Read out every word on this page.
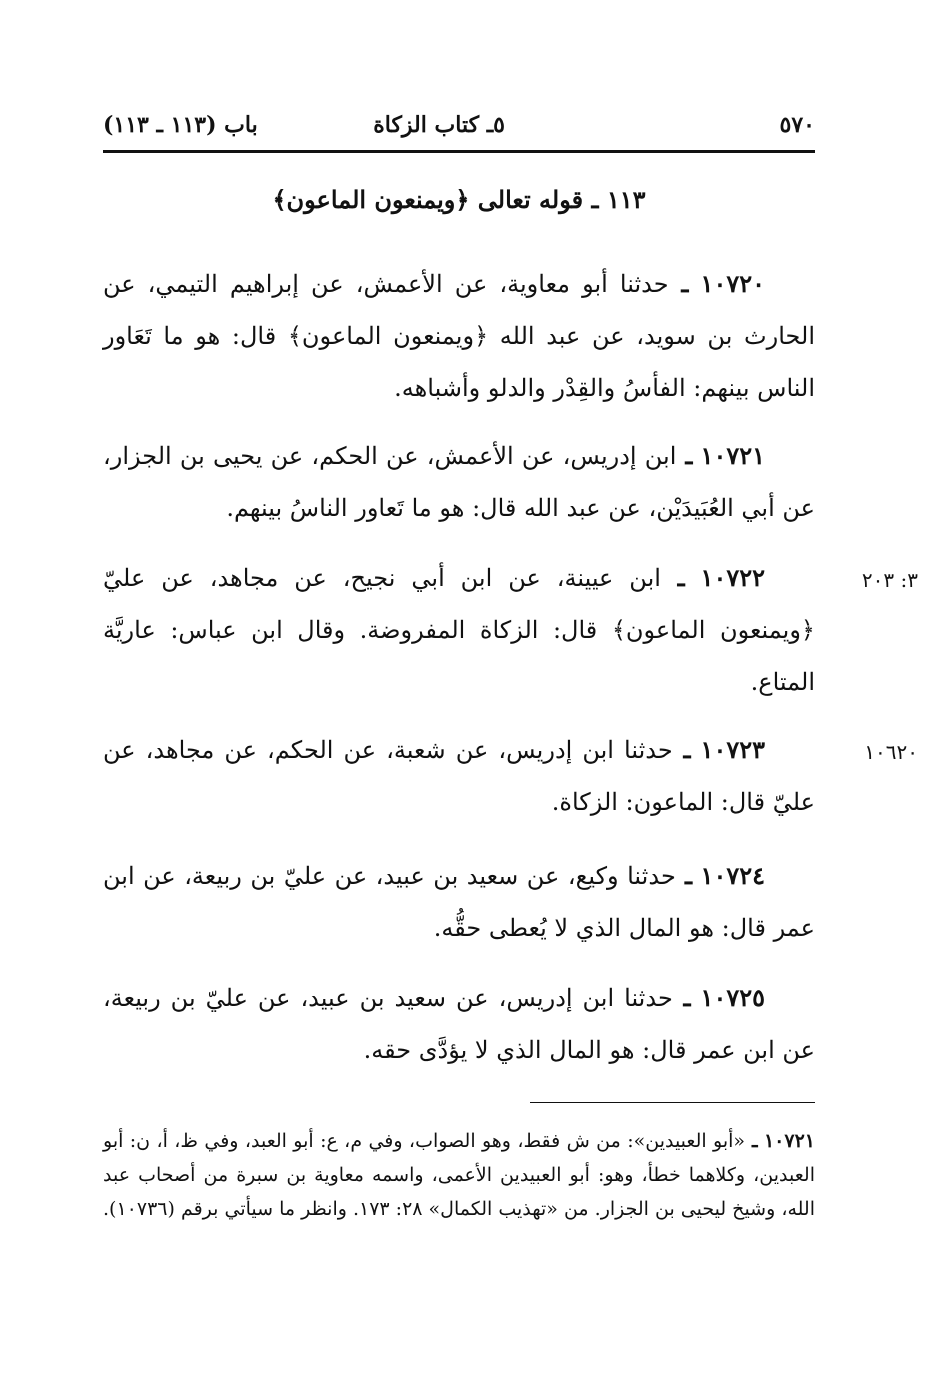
٥٧٠
٥ـ كتاب الزكاة
باب (١١٣ ـ ١١٣)
١١٣ ـ قوله تعالى ﴿ويمنعون الماعون﴾
١٠٧٢٠ ـ حدثنا أبو معاوية، عن الأعمش، عن إبراهيم التيمي، عن الحارث بن سويد، عن عبد الله ﴿ويمنعون الماعون﴾ قال: هو ما تَعَاور الناس بينهم: الفأسُ والقِدْر والدلو وأشباهه.
١٠٧٢١ ـ ابن إدريس، عن الأعمش، عن الحكم، عن يحيى بن الجزار، عن أبي العُبَيدَيْن، عن عبد الله قال: هو ما تَعاور الناسُ بينهم.
٣: ٢٠٣
١٠٧٢٢ ـ ابن عيينة، عن ابن أبي نجيح، عن مجاهد، عن عليّ ﴿ويمنعون الماعون﴾ قال: الزكاة المفروضة. وقال ابن عباس: عاريَّة المتاع.
١٠٦٢٠
١٠٧٢٣ ـ حدثنا ابن إدريس، عن شعبة، عن الحكم، عن مجاهد، عن عليّ قال: الماعون: الزكاة.
١٠٧٢٤ ـ حدثنا وكيع، عن سعيد بن عبيد، عن عليّ بن ربيعة، عن ابن عمر قال: هو المال الذي لا يُعطى حقُّه.
١٠٧٢٥ ـ حدثنا ابن إدريس، عن سعيد بن عبيد، عن عليّ بن ربيعة، عن ابن عمر قال: هو المال الذي لا يؤدَّى حقه.
١٠٧٢١ ـ «أبو العبيدين»: من ش فقط، وهو الصواب، وفي م، ع: أبو العبد، وفي ظ، أ، ن: أبو العبدين، وكلاهما خطأ، وهو: أبو العبيدين الأعمى، واسمه معاوية بن سبرة من أصحاب عبد الله، وشيخ ليحيى بن الجزار. من «تهذيب الكمال» ٢٨: ١٧٣. وانظر ما سيأتي برقم (١٠٧٣٦).
